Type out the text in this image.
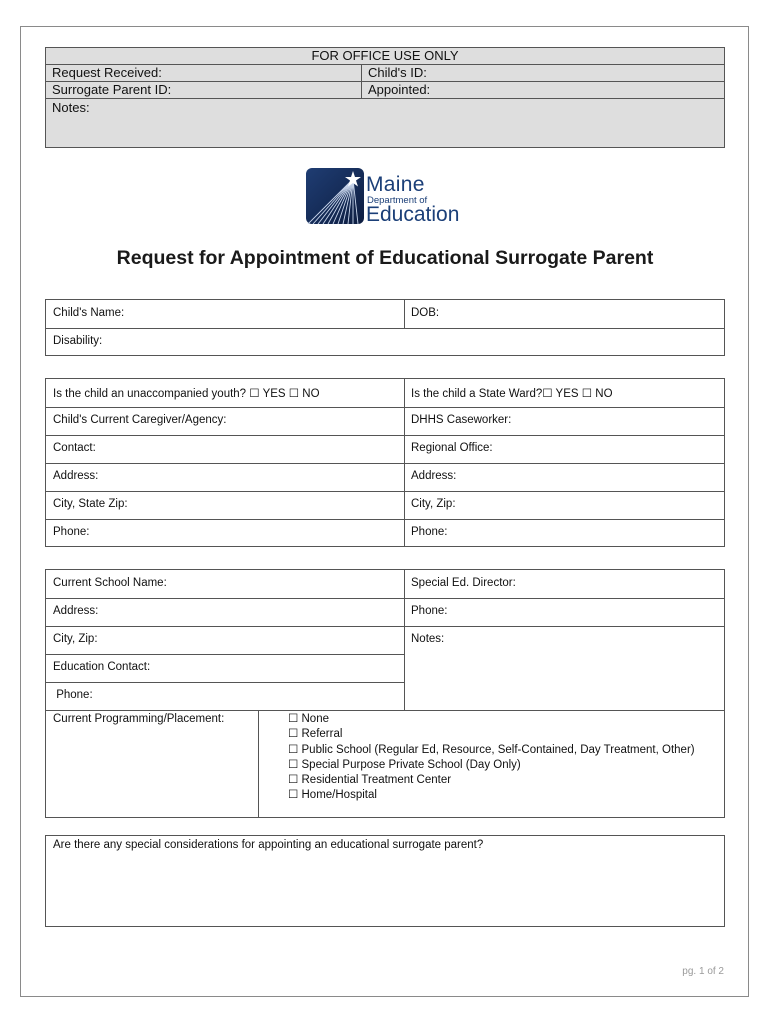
FOR OFFICE USE ONLY
Request Received:	Child's ID:
Surrogate Parent ID:	Appointed:
Notes:
Maine
Department of
Education
Request for Appointment of Educational Surrogate Parent
Child's Name:	DOB:
Disability:
Is the child an unaccompanied youth? ☐ YES ☐ NO	Is the child a State Ward?☐ YES ☐ NO
Child's Current Caregiver/Agency:	DHHS Caseworker:
Contact:	Regional Office:
Address:	Address:
City, State Zip:	City, Zip:
Phone:	Phone:
Current School Name:	Special Ed. Director:
Address:	Phone:
City, Zip:	Notes:
Education Contact:
Phone:
Current Programming/Placement:	☐ None
☐ Referral
☐ Public School (Regular Ed, Resource, Self-Contained, Day Treatment, Other)
☐ Special Purpose Private School (Day Only)
☐ Residential Treatment Center
☐ Home/Hospital
Are there any special considerations for appointing an educational surrogate parent?
pg. 1 of 2
